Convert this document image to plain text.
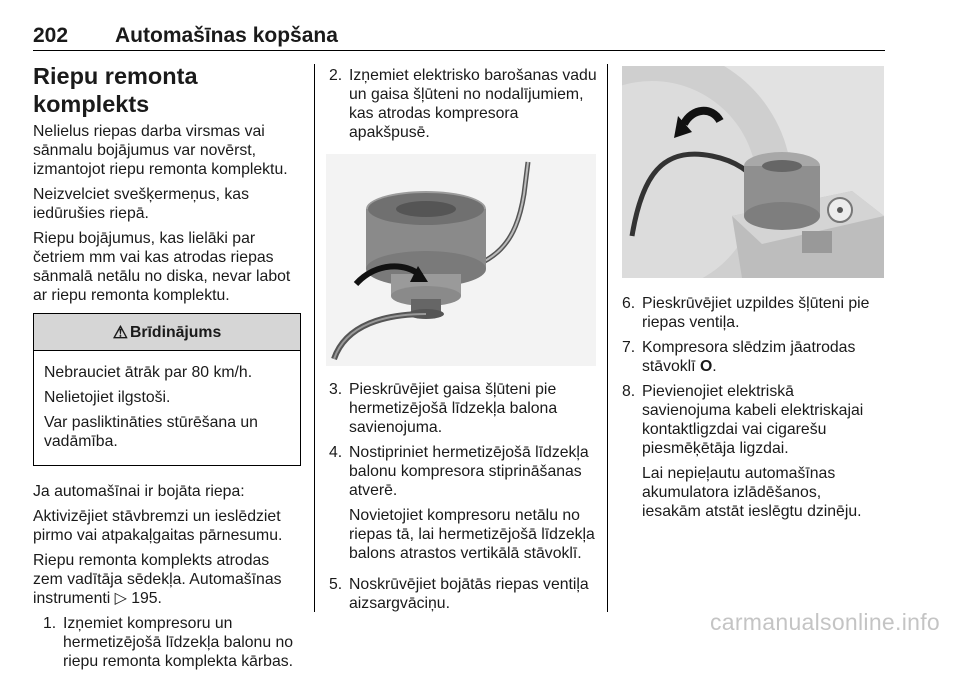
202 Automašīnas kopšana
Riepu remonta komplekts

Nelielus riepas darba virsmas vai sānmalu bojājumus var novērst, izmantojot riepu remonta komplektu.

Neizvelciet svešķermeņus, kas iedūrušies riepā.

Riepu bojājumus, kas lielāki par četriem mm vai kas atrodas riepas sānmalā netālu no diska, nevar labot ar riepu remonta komplektu.

⚠ Brīdinājums

Nebrauciet ātrāk par 80 km/h.

Nelietojiet ilgstoši.

Var pasliktināties stūrēšana un vadāmība.

Ja automašīnai ir bojāta riepa:

Aktivizējiet stāvbremzi un ieslēdziet pirmo vai atpakaļgaitas pārnesumu.

Riepu remonta komplekts atrodas zem vadītāja sēdekļa. Automašīnas instrumenti ▷ 195.

1. Izņemiet kompresoru un hermetizējošā līdzekļa balonu no riepu remonta komplekta kārbas.
2. Izņemiet elektrisko barošanas vadu un gaisa šļūteni no nodalījumiem, kas atrodas kompresora apakšpusē.
3. Pieskrūvējiet gaisa šļūteni pie hermetizējošā līdzekļa balona savienojuma.
4. Nostipriniet hermetizējošā līdzekļa balonu kompresora stiprināšanas atverē.

Novietojiet kompresoru netālu no riepas tā, lai hermetizējošā līdzekļa balons atrastos vertikālā stāvoklī.

5. Noskrūvējiet bojātās riepas ventiļa aizsargvāciņu.
6. Pieskrūvējiet uzpildes šļūteni pie riepas ventiļa.
7. Kompresora slēdzim jāatrodas stāvoklī O.
8. Pievienojiet elektriskā savienojuma kabeli elektriskajai kontaktligzdai vai cigarešu piesmēķētāja ligzdai.

Lai nepieļautu automašīnas akumulatora izlādēšanos, iesakām atstāt ieslēgtu dzinēju.

carmanualsonline.info
